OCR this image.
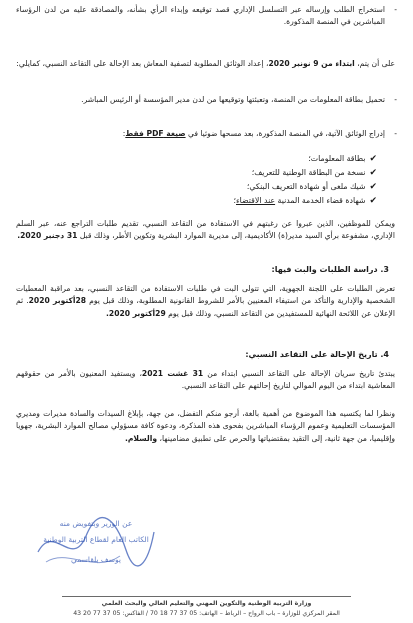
-
استخراج الطلب وإرساله عبر التسلسل الإداري قصد توقيعه وإبداء الرأي بشأنه، والمصادقة عليه من لدن الرؤساء المباشرين في المنصة المذكورة.

على أن يتم، ابتداء من 9 نونبر 2020، إعداد الوثائق المطلوبة لتصفية المعاش بعد الإحالة على التقاعد النسبي، كمايلي:

-
تحميل بطاقة المعلومات من المنصة، وتعبئتها وتوقيعها من لدن مدير المؤسسة أو الرئيس المباشر.
-
إدراج الوثائق الآتية، في المنصة المذكورة، بعد مسحها ضوئيا في صيغة PDF فقط:
✔بطاقة المعلومات؛
✔نسخة من البطاقة الوطنية للتعريف؛
✔شيك ملغى أو شهادة التعريف البنكي؛
✔شهادة قضاء الخدمة المدنية عند الاقتضاء؛

ويمكن للموظفين، الذين عبروا عن رغبتهم في الاستفادة من التقاعد النسبي، تقديم طلبات التراجع عنه، عبر السلم الإداري، مشفوعة برأي السيد مدير(ة) الأكاديمية، إلى مديرية الموارد البشرية وتكوين الأطر، وذلك قبل 31 دجنبر 2020.

3. دراسة الطلبات والبت فيها:

تعرض الطلبات على اللجنة الجهوية، التي تتولى البت في طلبات الاستفادة من التقاعد النسبي، بعد مراقبة المعطيات الشخصية والإدارية والتأكد من استيفاء المعنيين بالأمر للشروط القانونية المطلوبة، وذلك قبل يوم 28أكتوبر 2020. ثم الإعلان عن اللائحة النهائية للمستفيدين من التقاعد النسبي، وذلك قبل يوم 29أكتوبر 2020.

4. تاريخ الإحالة على التقاعد النسبي:

يبتدئ تاريخ سريان الإحالة على التقاعد النسبي ابتداء من 31 غشت 2021، ويستفيد المعنيون بالأمر من حقوقهم المعاشية ابتداء من اليوم الموالي لتاريخ إحالتهم على التقاعد النسبي.

ونظرا لما يكتسيه هذا الموضوع من أهمية بالغة، أرجو منكم التفضل، من جهة، بإبلاغ السيدات والسادة مديرات ومديري المؤسسات التعليمية وعموم الرؤساء المباشرين بفحوى هذه المذكرة، ودعوة كافة مسؤولي مصالح الموارد البشرية، جهويا وإقليميا، من جهة ثانية، إلى التقيد بمقتضياتها والحرص على تطبيق مضامينها، والسلام.

عن الوزير وبتفويض منه
الكاتب العام لقطاع التربية الوطنية
يوسف بلقاسمي
وزارة التربية الوطنية والتكوين المهني والتعليم العالي والبحث العلمي
المقر المركزي للوزارة – باب الرواح – الرباط – الهاتف: 05 37 77 18 70 / الفاكس: 05 37 77 20 43
